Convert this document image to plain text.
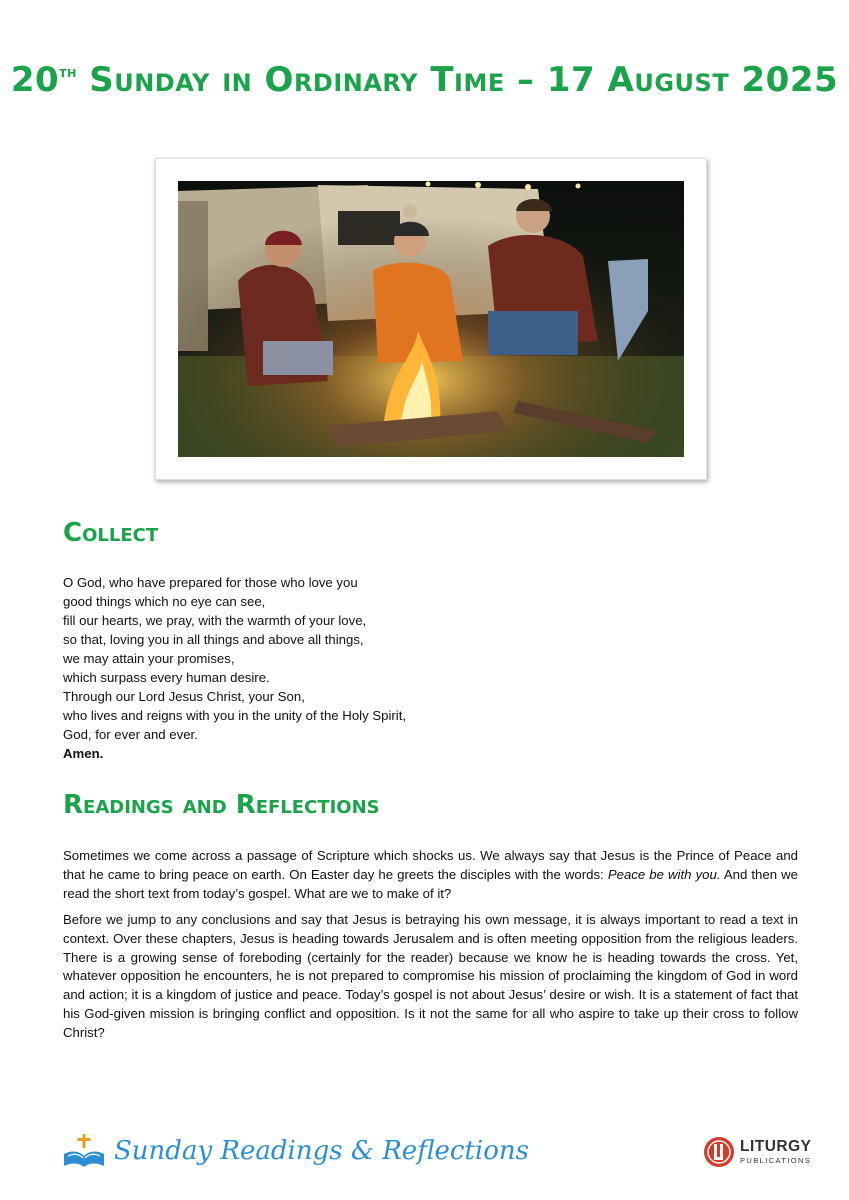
20th Sunday in Ordinary Time – 17 August 2025
Collect
O God, who have prepared for those who love you
good things which no eye can see,
fill our hearts, we pray, with the warmth of your love,
so that, loving you in all things and above all things,
we may attain your promises,
which surpass every human desire.
Through our Lord Jesus Christ, your Son,
who lives and reigns with you in the unity of the Holy Spirit,
God, for ever and ever.
Amen.
Readings and Reflections
Sometimes we come across a passage of Scripture which shocks us. We always say that Jesus is the Prince of Peace and that he came to bring peace on earth. On Easter day he greets the disciples with the words: Peace be with you. And then we read the short text from today’s gospel. What are we to make of it?
Before we jump to any conclusions and say that Jesus is betraying his own message, it is always important to read a text in context. Over these chapters, Jesus is heading towards Jerusalem and is often meeting opposition from the religious leaders. There is a growing sense of foreboding (certainly for the reader) because we know he is heading towards the cross. Yet, whatever opposition he encounters, he is not prepared to compromise his mission of proclaiming the kingdom of God in word and action; it is a kingdom of justice and peace. Today’s gospel is not about Jesus’ desire or wish. It is a statement of fact that his God-given mission is bringing conflict and opposition. Is it not the same for all who aspire to take up their cross to follow Christ?
Sunday Readings & Reflections	LITURGY
PUBLICATIONS
